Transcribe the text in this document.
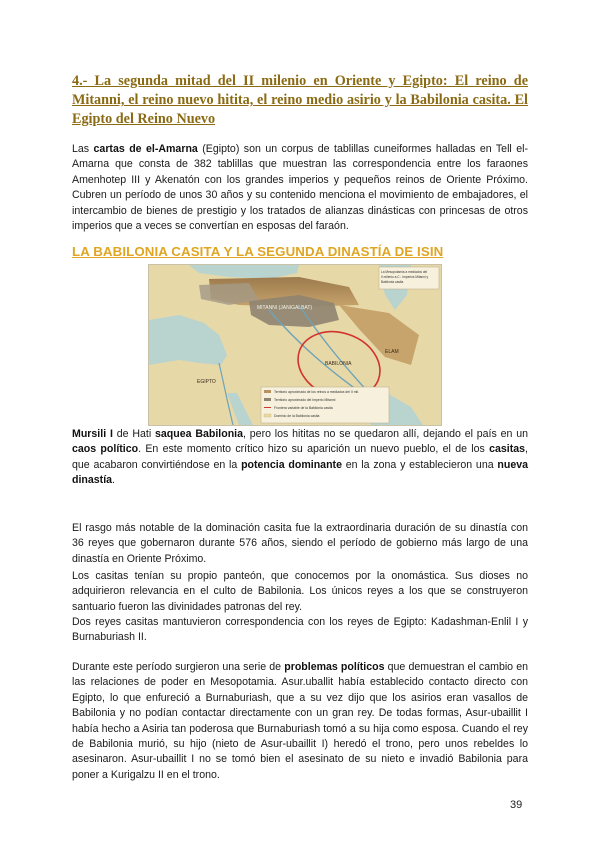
4.- La segunda mitad del II milenio en Oriente y Egipto: El reino de Mitanni, el reino nuevo hitita, el reino medio asirio y la Babilonia casita. El Egipto del Reino Nuevo

Las cartas de el-Amarna (Egipto) son un corpus de tablillas cuneiformes halladas en Tell el-Amarna que consta de 382 tablillas que muestran las correspondencia entre los faraones Amenhotep III y Akenatón con los grandes imperios y pequeños reinos de Oriente Próximo. Cubren un período de unos 30 años y su contenido menciona el movimiento de embajadores, el intercambio de bienes de prestigio y los tratados de alianzas dinásticas con princesas de otros imperios que a veces se convertían en esposas del faraón.

LA BABILONIA CASITA Y LA SEGUNDA DINASTÍA DE ISIN
MITANNI (JANIGALBAT)
BABILONIA
ELAM
EGIPTO
La Mesopotamia a mediados del
II milenio a.C.: Imperios Mitanni y
Babilonia casita
Territorio aproximado de los reinos a mediados del II mil.
Territorio aproximado del Imperio Mitanni
Frontera variable de la Babilonia casita
Dominio de la Babilonia casita

Mursili I de Hati saquea Babilonia, pero los hititas no se quedaron allí, dejando el país en un caos político. En este momento crítico hizo su aparición un nuevo pueblo, el de los casitas, que acabaron convirtiéndose en la potencia dominante en la zona y establecieron una nueva dinastía.

El rasgo más notable de la dominación casita fue la extraordinaria duración de su dinastía con 36 reyes que gobernaron durante 576 años, siendo el período de gobierno más largo de una dinastía en Oriente Próximo.

Los casitas tenían su propio panteón, que conocemos por la onomástica. Sus dioses no adquirieron relevancia en el culto de Babilonia. Los únicos reyes a los que se construyeron santuario fueron las divinidades patronas del rey.

Dos reyes casitas mantuvieron correspondencia con los reyes de Egipto: Kadashman-Enlil I y Burnaburiash II.

Durante este período surgieron una serie de problemas políticos que demuestran el cambio en las relaciones de poder en Mesopotamia. Asur.uballit había establecido contacto directo con Egipto, lo que enfureció a Burnaburiash, que a su vez dijo que los asirios eran vasallos de Babilonia y no podían contactar directamente con un gran rey. De todas formas, Asur-ubaillit I había hecho a Asiria tan poderosa que Burnaburiash tomó a su hija como esposa. Cuando el rey de Babilonia murió, su hijo (nieto de Asur-ubaillit I) heredó el trono, pero unos rebeldes lo asesinaron. Asur-ubaillit I no se tomó bien el asesinato de su nieto e invadió Babilonia para poner a Kurigalzu II en el trono.

39
